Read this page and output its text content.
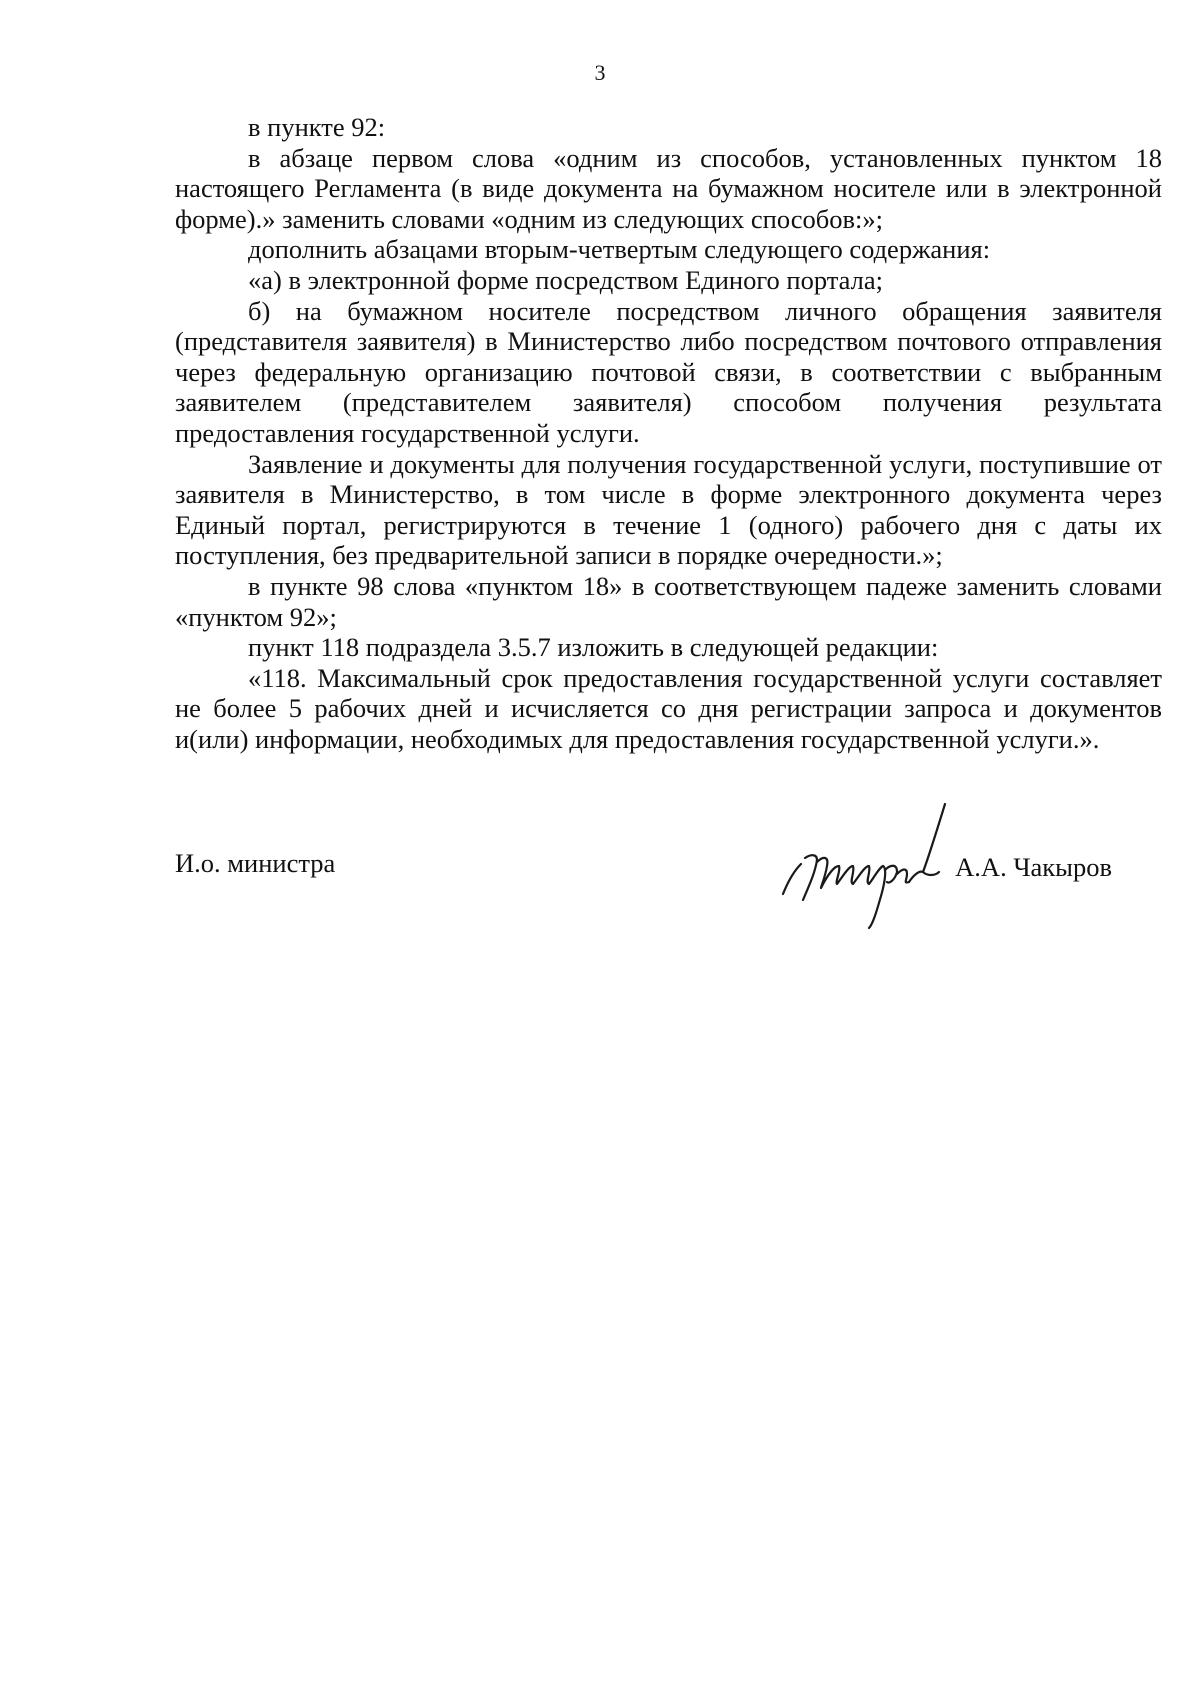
3

в пункте 92:

в абзаце первом слова «одним из способов, установленных пунктом 18 настоящего Регламента (в виде документа на бумажном носителе или в электронной форме).» заменить словами «одним из следующих способов:»;

дополнить абзацами вторым-четвертым следующего содержания:

«а) в электронной форме посредством Единого портала;

б) на бумажном носителе посредством личного обращения заявителя (представителя заявителя) в Министерство либо посредством почтового отправления через федеральную организацию почтовой связи, в соответствии с выбранным заявителем (представителем заявителя) способом получения результата предоставления государственной услуги.

Заявление и документы для получения государственной услуги, поступившие от заявителя в Министерство, в том числе в форме электронного документа через Единый портал, регистрируются в течение 1 (одного) рабочего дня с даты их поступления, без предварительной записи в порядке очередности.»;

в пункте 98 слова «пунктом 18» в соответствующем падеже заменить словами «пунктом 92»;

пункт 118 подраздела 3.5.7 изложить в следующей редакции:

«118. Максимальный срок предоставления государственной услуги составляет не более 5 рабочих дней и исчисляется со дня регистрации запроса и документов и(или) информации, необходимых для предоставления государственной услуги.».

И.о. министра	А.А. Чакыров
